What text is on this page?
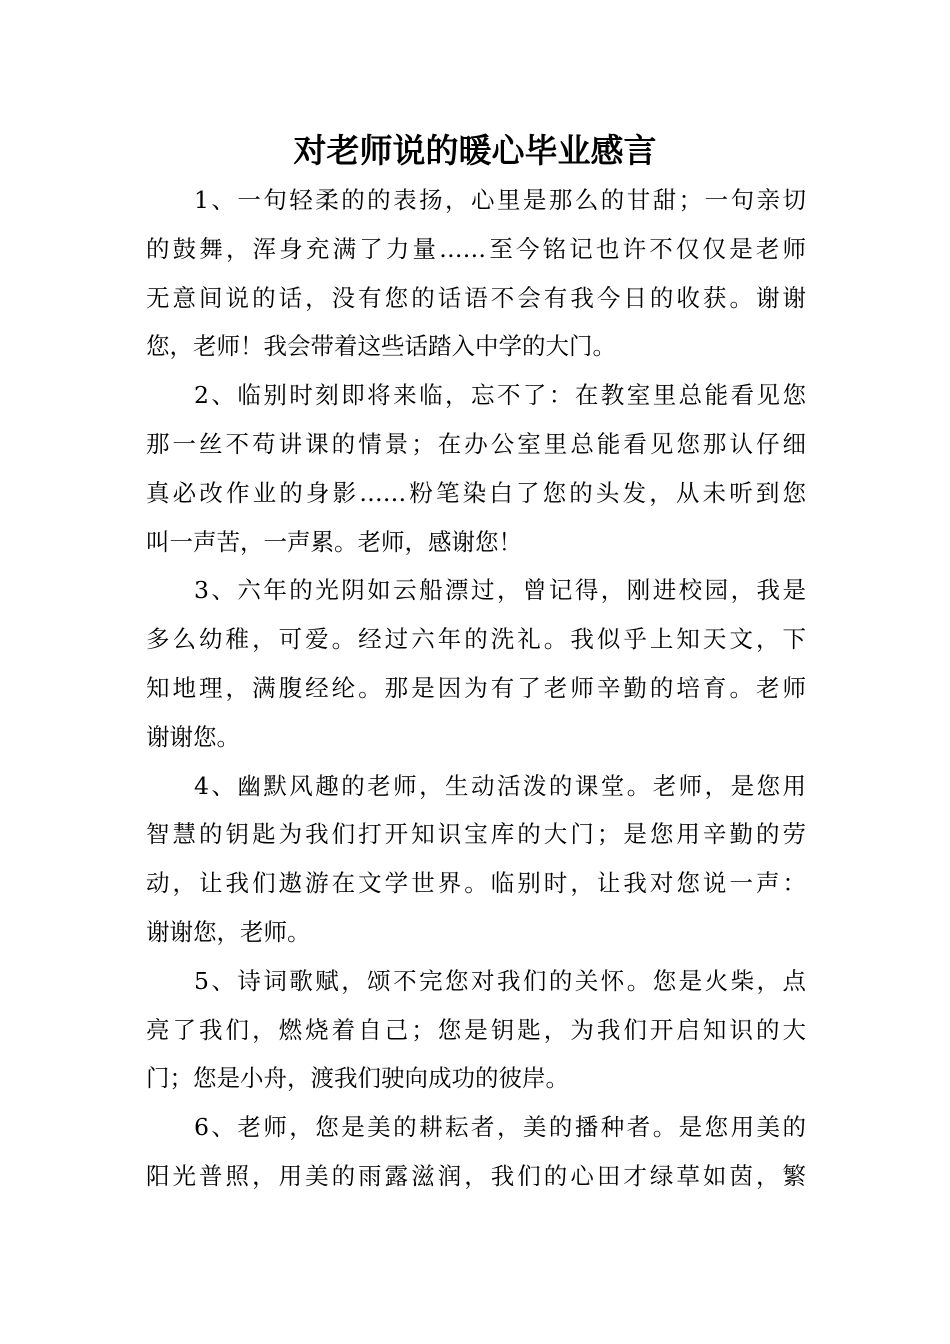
对老师说的暖心毕业感言
1、一句轻柔的的表扬，心里是那么的甘甜；一句亲切
的鼓舞，浑身充满了力量……至今铭记也许不仅仅是老师
无意间说的话，没有您的话语不会有我今日的收获。谢谢
您，老师！我会带着这些话踏入中学的大门。
2、临别时刻即将来临，忘不了：在教室里总能看见您
那一丝不苟讲课的情景；在办公室里总能看见您那认仔细
真必改作业的身影……粉笔染白了您的头发，从未听到您
叫一声苦，一声累。老师，感谢您！
3、六年的光阴如云船漂过，曾记得，刚进校园，我是
多么幼稚，可爱。经过六年的洗礼。我似乎上知天文，下
知地理，满腹经纶。那是因为有了老师辛勤的培育。老师
谢谢您。
4、幽默风趣的老师，生动活泼的课堂。老师，是您用
智慧的钥匙为我们打开知识宝库的大门；是您用辛勤的劳
动，让我们遨游在文学世界。临别时，让我对您说一声：
谢谢您，老师。
5、诗词歌赋，颂不完您对我们的关怀。您是火柴，点
亮了我们，燃烧着自己；您是钥匙，为我们开启知识的大
门；您是小舟，渡我们驶向成功的彼岸。
6、老师，您是美的耕耘者，美的播种者。是您用美的
阳光普照，用美的雨露滋润，我们的心田才绿草如茵，繁
